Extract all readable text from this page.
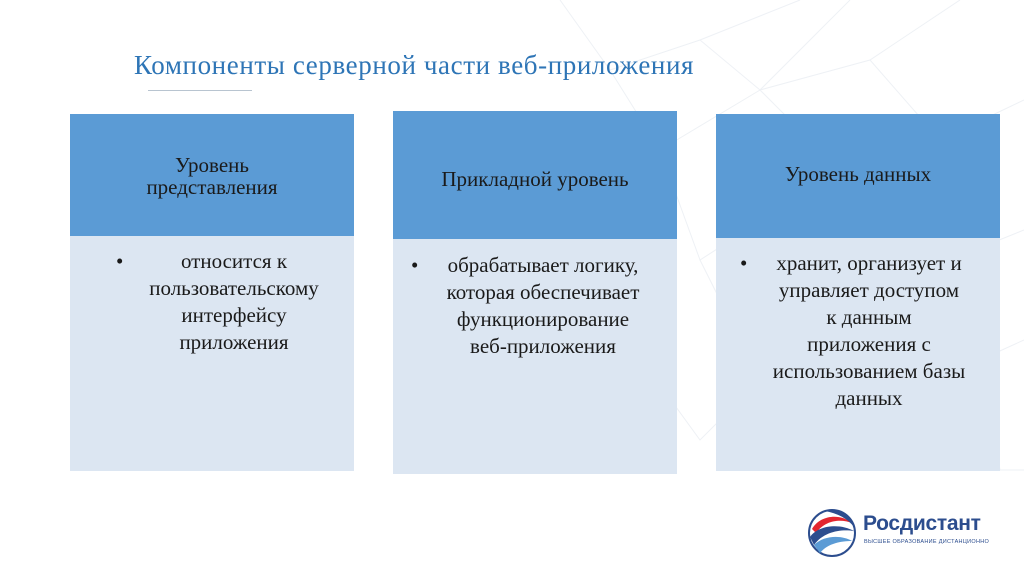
Компоненты серверной части веб-приложения
Уровень
представления
•	относится к
пользовательскому
интерфейсу
приложения
Прикладной уровень
•	обрабатывает логику,
которая обеспечивает
функционирование
веб-приложения
Уровень данных
•	хранит, организует и
управляет доступом
к данным
приложения с
использованием базы
данных
Росдистант
ВЫСШЕЕ ОБРАЗОВАНИЕ ДИСТАНЦИОННО
